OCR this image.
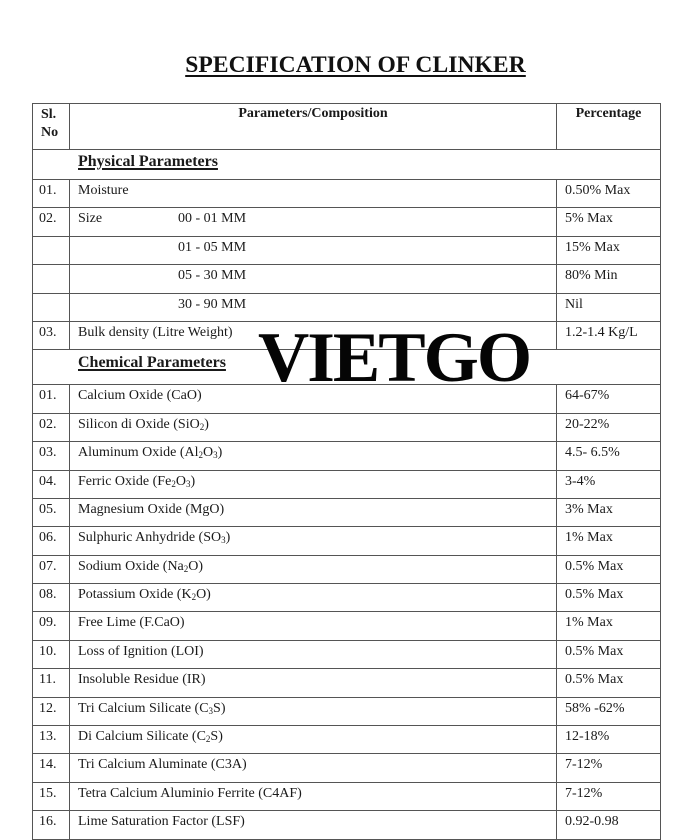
SPECIFICATION OF CLINKER
Sl.
No	Parameters/Composition	Percentage
Physical Parameters		
01.	Moisture	0.50% Max
02.	Size 00 - 01 MM	5% Max

	01 - 05 MM	15% Max

	05 - 30 MM	80% Min

	30 - 90 MM	Nil
03.	Bulk density (Litre Weight)	1.2-1.4 Kg/L
Chemical Parameters		
01.	Calcium Oxide (CaO)	64-67%
02.	Silicon di Oxide (SiO$_2$)	20-22%
03.	Aluminum Oxide $(Al_2O_3)$	4.5- 6.5%
04.	Ferric Oxide $(Fe_2O_3)$	3-4%
05.	Magnesium Oxide (MgO)	3% Max
06.	Sulphuric Anhydride $(SO_3)$	1% Max
07.	Sodium Oxide $(Na_2O)$	0.5% Max
08.	Potassium Oxide $(K_2O)$	0.5% Max
09.	Free Lime (F.CaO)	1% Max
10.	Loss of Ignition (LOI)	0.5% Max
11.	Insoluble Residue (IR)	0.5% Max
12.	Tri Calcium Silicate $(C_3S)$	58% -62%
13.	Di Calcium Silicate $(C_2S)$	12-18%
14.	Tri Calcium Aluminate (C3A)	7-12%
15.	Tetra Calcium Aluminio Ferrite (C4AF)	7-12%
16.	Lime Saturation Factor (LSF)	0.92-0.98
VIETGO
